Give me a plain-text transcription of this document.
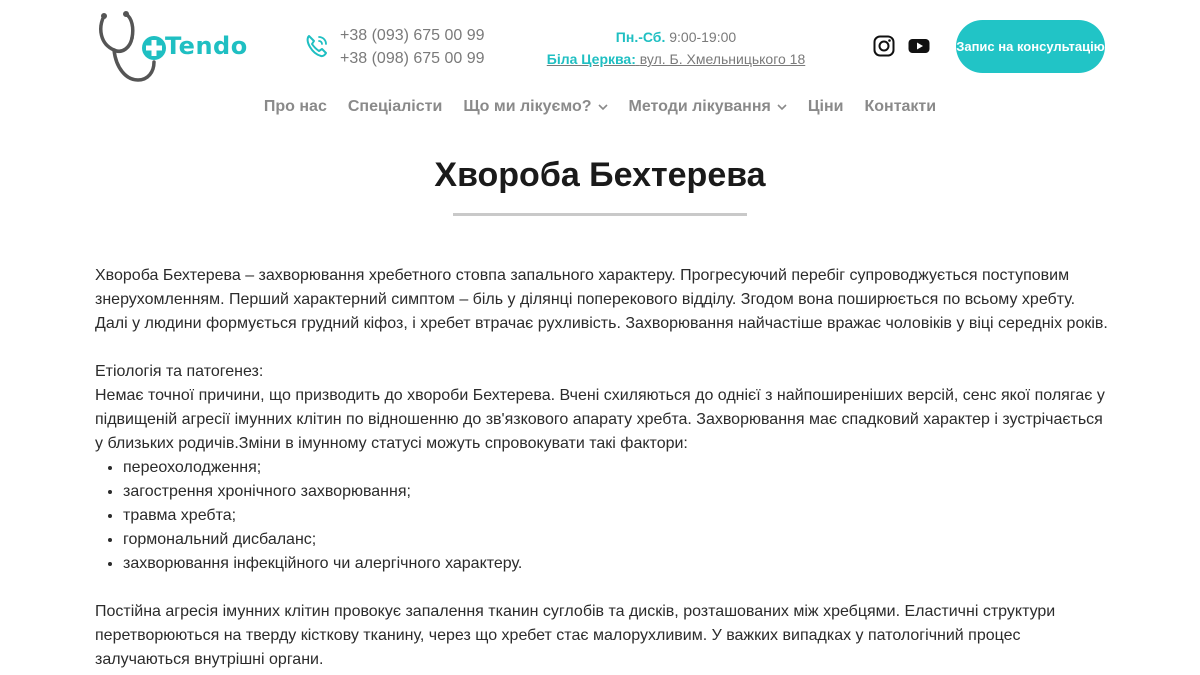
Tendo	+38 (093) 675 00 99
+38 (098) 675 00 99
Пн.-Сб. 9:00-19:00
Біла Церква: вул. Б. Хмельницького 18
Запис на консультацію
Про нас Спеціалісти Що ми лікуємо? Методи лікування Ціни Контакти
Хвороба Бехтерева

Хвороба Бехтерева – захворювання хребетного стовпа запального характеру. Прогресуючий перебіг супроводжується поступовим знерухомленням. Перший характерний симптом – біль у ділянці поперекового відділу. Згодом вона поширюється по всьому хребту. Далі у людини формується грудний кіфоз, і хребет втрачає рухливість. Захворювання найчастіше вражає чоловіків у віці середніх років.

Етіологія та патогенез:

Немає точної причини, що призводить до хвороби Бехтерева. Вчені схиляються до однієї з найпоширеніших версій, сенс якої полягає у підвищеній агресії імунних клітин по відношенню до зв'язкового апарату хребта. Захворювання має спадковий характер і зустрічається у близьких родичів.Зміни в імунному статусі можуть спровокувати такі фактори:

• переохолодження;
• загострення хронічного захворювання;
• травма хребта;
• гормональний дисбаланс;
• захворювання інфекційного чи алергічного характеру.

Постійна агресія імунних клітин провокує запалення тканин суглобів та дисків, розташованих між хребцями. Еластичні структури перетворюються на тверду кісткову тканину, через що хребет стає малорухливим. У важких випадках у патологічний процес залучаються внутрішні органи.
